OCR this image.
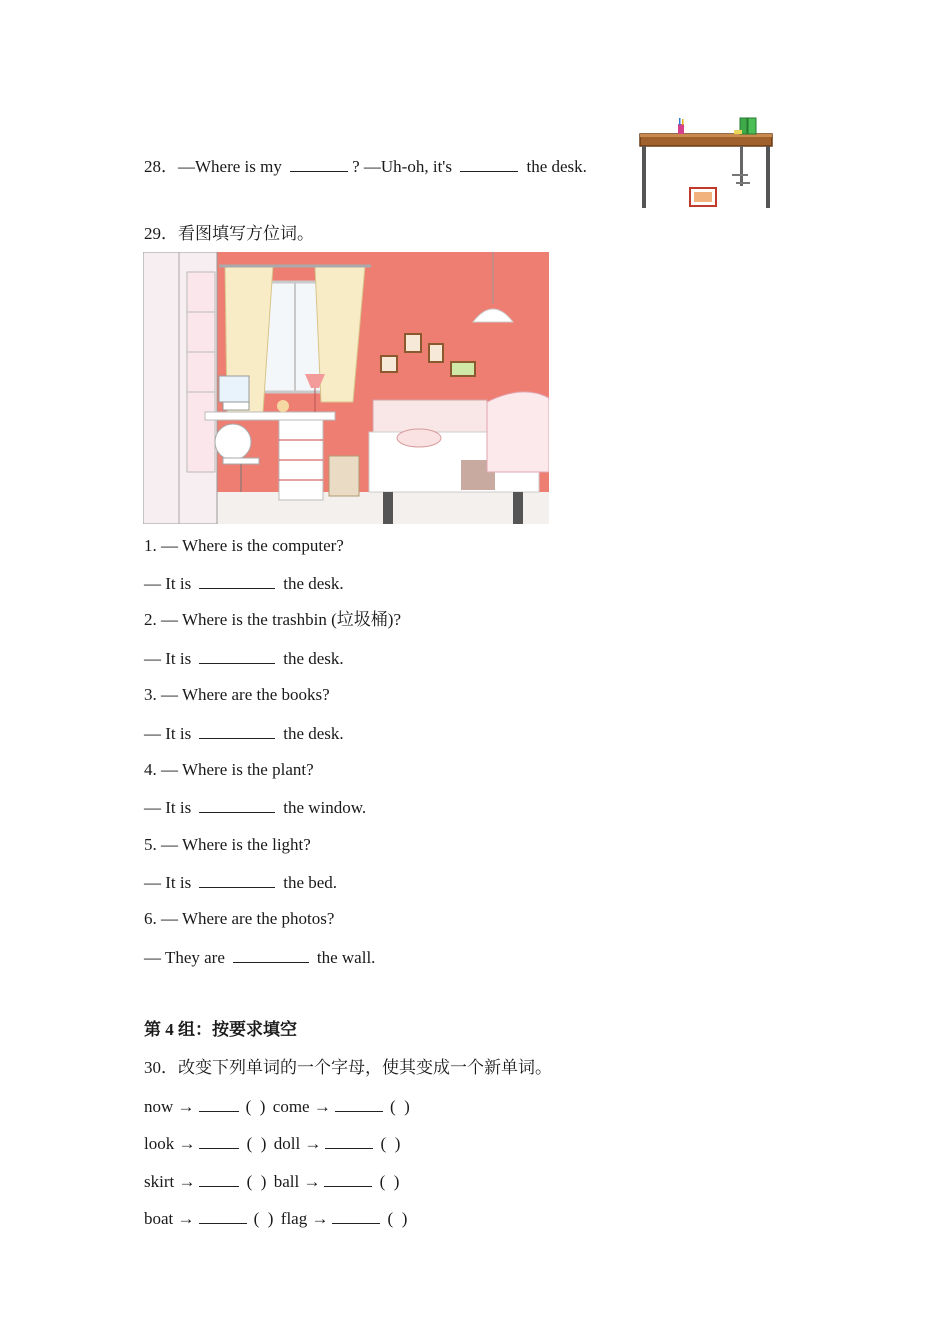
28．—Where is my	? —Uh-oh, it's	the desk.
29．看图填写方位词。
1. — Where is the computer?
— It is	the desk.
2. — Where is the trashbin (垃圾桶)?
— It is	the desk.
3. — Where are the books?
— It is	the desk.
4. — Where is the plant?
— It is	the window.
5. — Where is the light?
— It is	the bed.
6. — Where are the photos?
— They are	the wall.
第 4 组：按要求填空
30．改变下列单词的一个字母，使其变成一个新单词。
now →	( ) come →	( )
look →	( ) doll →	( )
skirt →	( ) ball →	( )
boat →	( ) flag →	( )
